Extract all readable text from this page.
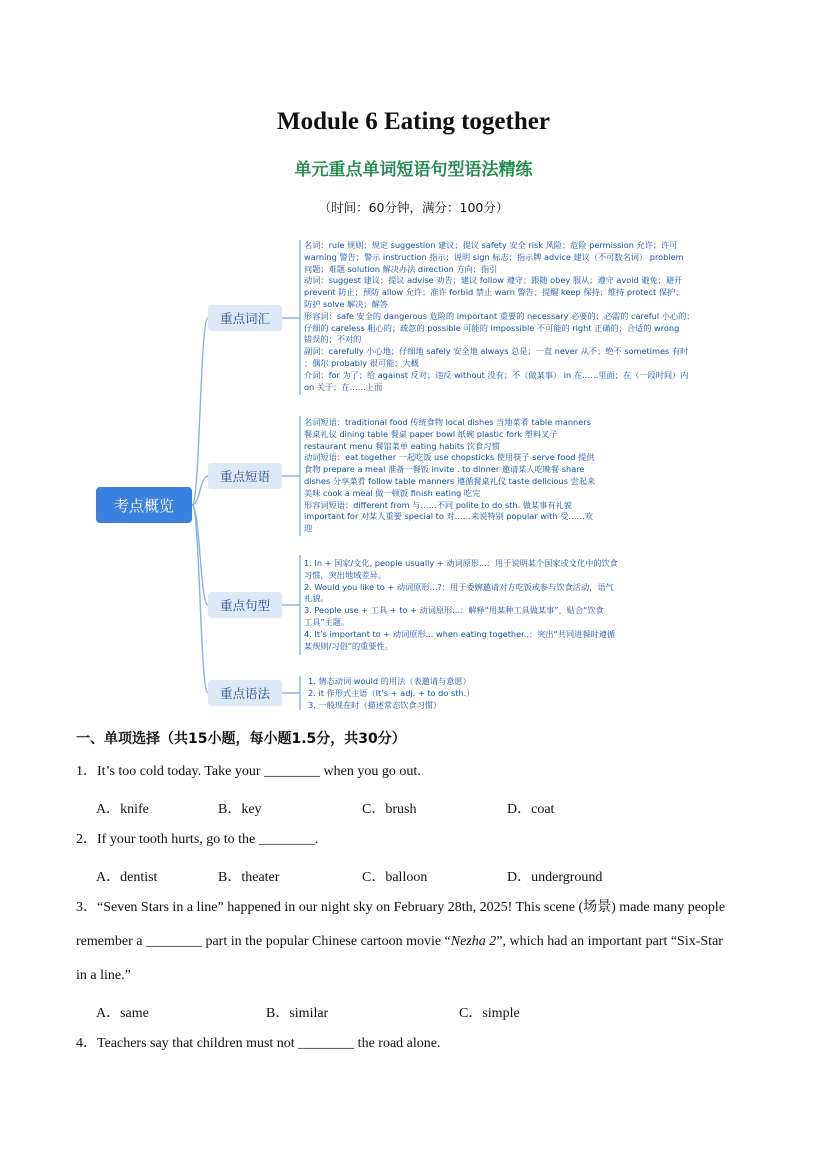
Module 6 Eating together
单元重点单词短语句型语法精练
（时间：60分钟，满分：100分）
考点概览
重点词汇
重点短语
重点句型
重点语法
名词：rule 规则；规定 suggestion 建议；提议 safety 安全 risk 风险；危险 permission 允许；许可
warning 警告；警示 instruction 指示；说明 sign 标志；指示牌 advice 建议（不可数名词） problem
问题；难题 solution 解决办法 direction 方向；指引
动词：suggest 建议；提议 advise 劝告；建议 follow 遵守；跟随 obey 服从；遵守 avoid 避免；避开
prevent 防止；预防 allow 允许；准许 forbid 禁止 warn 警告；提醒 keep 保持；维持 protect 保护；
防护 solve 解决；解答
形容词：safe 安全的 dangerous 危险的 important 重要的 necessary 必要的；必需的 careful 小心的；
仔细的 careless 粗心的；疏忽的 possible 可能的 impossible 不可能的 right 正确的；合适的 wrong
错误的；不对的
副词：carefully 小心地；仔细地 safely 安全地 always 总是；一直 never 从不；绝不 sometimes 有时
；偶尔 probably 很可能；大概
介词：for 为了；给 against 反对；违反 without 没有；不（做某事） in 在……里面；在（一段时间）内
on 关于；在……上面
名词短语：traditional food 传统食物 local dishes 当地菜肴 table manners
餐桌礼仪 dining table 餐桌 paper bowl 纸碗 plastic fork 塑料叉子
restaurant menu 餐馆菜单 eating habits 饮食习惯
动词短语：eat together 一起吃饭 use chopsticks 使用筷子 serve food 提供
食物 prepare a meal 准备一餐饭 invite . to dinner 邀请某人吃晚餐 share
dishes 分享菜肴 follow table manners 遵循餐桌礼仪 taste delicious 尝起来
美味 cook a meal 做一顿饭 finish eating 吃完
形容词短语：different from 与……不同 polite to do sth. 做某事有礼貌
important for 对某人重要 special to 对……来说特别 popular with 受……欢
迎
1. In + 国家/文化, people usually + 动词原形...：用于说明某个国家或文化中的饮食
习惯，突出地域差异。
2. Would you like to + 动词原形...?：用于委婉邀请对方吃饭或参与饮食活动，语气
礼貌。
3. People use + 工具 + to + 动词原形...：解释“用某种工具做某事”，贴合“饮食
工具”主题。
4. It’s important to + 动词原形... when eating together..：突出“共同进餐时遵循
某规则/习俗”的重要性。
1. 情态动词 would 的用法（表邀请与意愿）
2. it 作形式主语（It’s + adj. + to do sth.）
3. 一般现在时（描述常态饮食习惯）
一、单项选择（共15小题，每小题1.5分，共30分）
1．It’s too cold today. Take your ________ when you go out.
A．knife	B．key	C．brush	D．coat
2．If your tooth hurts, go to the ________.
A．dentist	B．theater	C．balloon	D．underground
3．“Seven Stars in a line” happened in our night sky on February 28th, 2025! This scene (场景) made many people
remember a ________ part in the popular Chinese cartoon movie “Nezha 2”, which had an important part “Six-Star
in a line.”
A．same	B．similar	C．simple
4．Teachers say that children must not ________ the road alone.
